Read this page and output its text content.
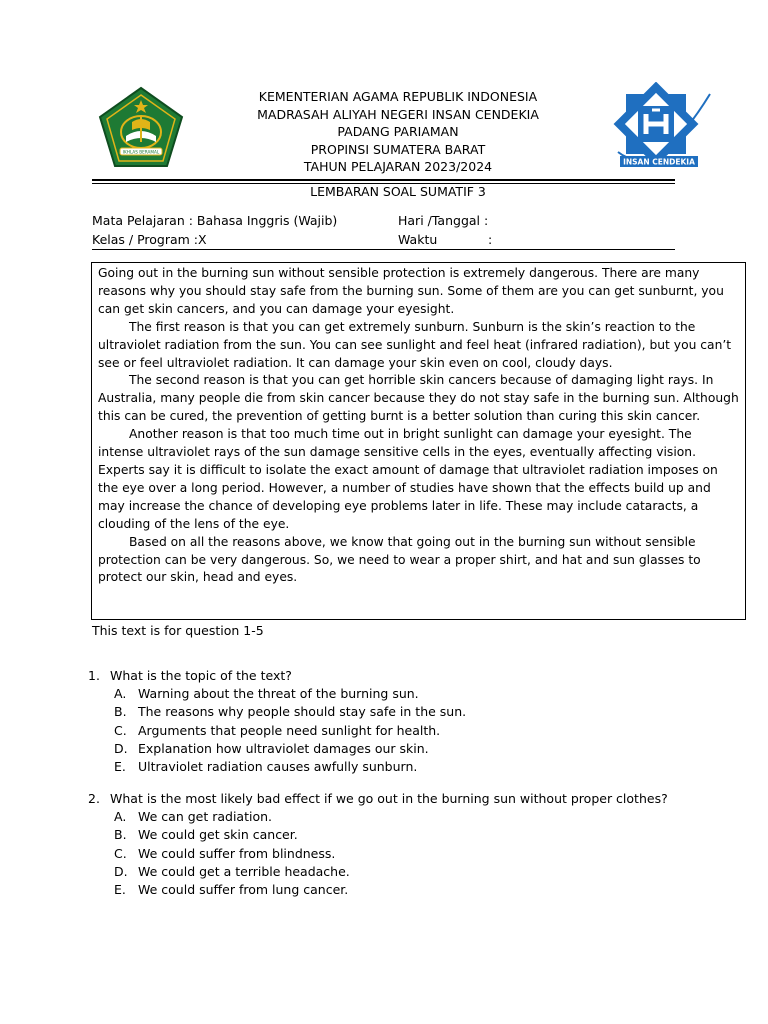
IKHLAS BERAMAL
KEMENTERIAN AGAMA REPUBLIK INDONESIA
MADRASAH ALIYAH NEGERI INSAN CENDEKIA
PADANG PARIAMAN
PROPINSI SUMATERA BARAT
TAHUN PELAJARAN 2023/2024	INSAN CENDEKIA
LEMBARAN SOAL SUMATIF 3
Mata Pelajaran : Bahasa Inggris (Wajib)
Kelas / Program :X
Hari /Tanggal :
Waktu	:

Going out in the burning sun without sensible protection is extremely dangerous. There are many reasons why you should stay safe from the burning sun. Some of them are you can get sunburnt, you can get skin cancers, and you can damage your eyesight.

The first reason is that you can get extremely sunburn. Sunburn is the skin’s reaction to the ultraviolet radiation from the sun. You can see sunlight and feel heat (infrared radiation), but you can’t see or feel ultraviolet radiation. It can damage your skin even on cool, cloudy days.

The second reason is that you can get horrible skin cancers because of damaging light rays. In Australia, many people die from skin cancer because they do not stay safe in the burning sun. Although this can be cured, the prevention of getting burnt is a better solution than curing this skin cancer.

Another reason is that too much time out in bright sunlight can damage your eyesight. The intense ultraviolet rays of the sun damage sensitive cells in the eyes, eventually affecting vision. Experts say it is difficult to isolate the exact amount of damage that ultraviolet radiation imposes on the eye over a long period. However, a number of studies have shown that the effects build up and may increase the chance of developing eye problems later in life. These may include cataracts, a clouding of the lens of the eye.

Based on all the reasons above, we know that going out in the burning sun without sensible protection can be very dangerous. So, we need to wear a proper shirt, and hat and sun glasses to protect our skin, head and eyes.

This text is for question 1-5
1. What is the topic of the text?
A. Warning about the threat of the burning sun.
B. The reasons why people should stay safe in the sun.
C. Arguments that people need sunlight for health.
D. Explanation how ultraviolet damages our skin.
E. Ultraviolet radiation causes awfully sunburn.
2. What is the most likely bad effect if we go out in the burning sun without proper clothes?
A. We can get radiation.
B. We could get skin cancer.
C. We could suffer from blindness.
D. We could get a terrible headache.
E. We could suffer from lung cancer.
